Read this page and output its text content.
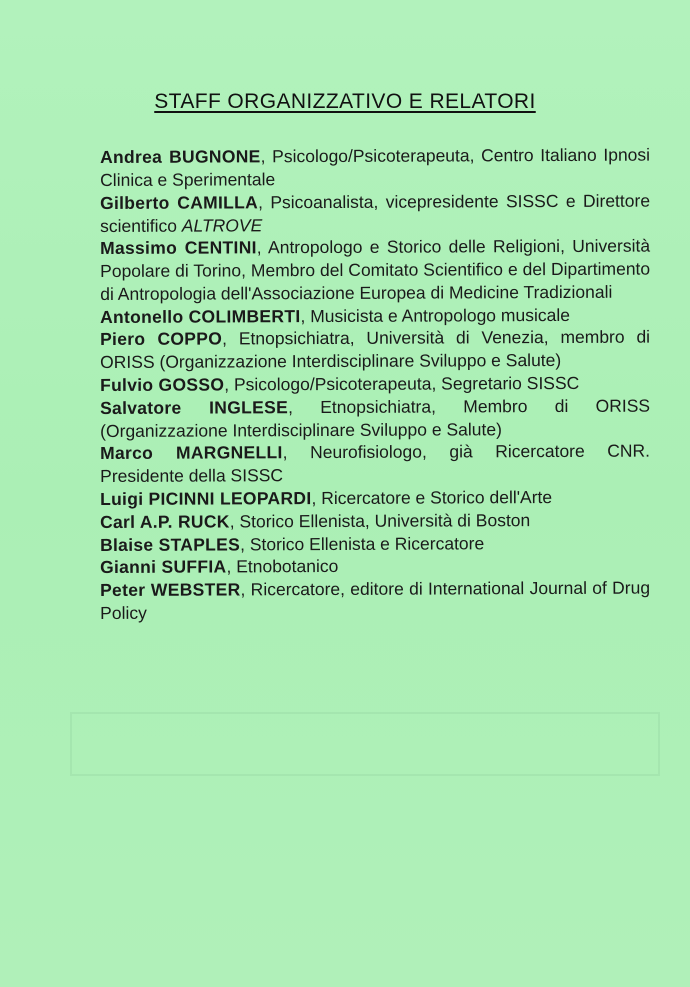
STAFF ORGANIZZATIVO E RELATORI
Andrea BUGNONE, Psicologo/Psicoterapeuta, Centro Italiano Ipnosi Clinica e Sperimentale
Gilberto CAMILLA, Psicoanalista, vicepresidente SISSC e Direttore scientifico ALTROVE
Massimo CENTINI, Antropologo e Storico delle Religioni, Università Popolare di Torino, Membro del Comitato Scientifico e del Dipartimento di Antropologia dell'Associazione Europea di Medicine Tradizionali
Antonello COLIMBERTI, Musicista e Antropologo musicale
Piero COPPO, Etnopsichiatra, Università di Venezia, membro di ORISS (Organizzazione Interdisciplinare Sviluppo e Salute)
Fulvio GOSSO, Psicologo/Psicoterapeuta, Segretario SISSC
Salvatore INGLESE, Etnopsichiatra, Membro di ORISS (Organizzazione Interdisciplinare Sviluppo e Salute)
Marco MARGNELLI, Neurofisiologo, già Ricercatore CNR. Presidente della SISSC
Luigi PICINNI LEOPARDI, Ricercatore e Storico dell'Arte
Carl A.P. RUCK, Storico Ellenista, Università di Boston
Blaise STAPLES, Storico Ellenista e Ricercatore
Gianni SUFFIA, Etnobotanico
Peter WEBSTER, Ricercatore, editore di International Journal of Drug Policy
